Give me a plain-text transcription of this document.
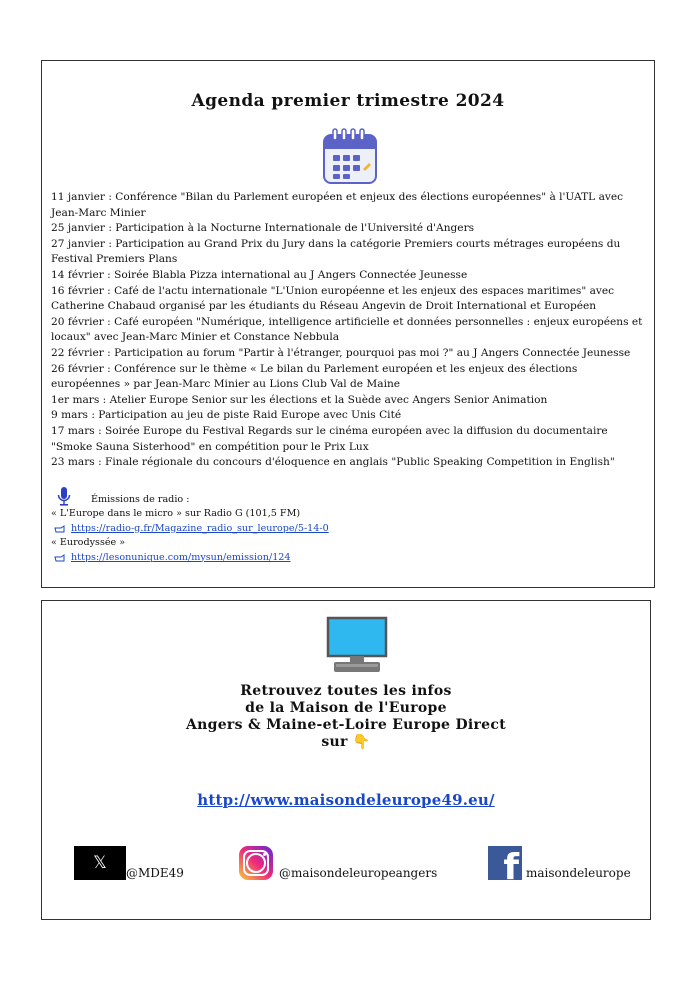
Agenda premier trimestre 2024

11 janvier : Conférence "Bilan du Parlement européen et enjeux des élections européennes" à l'UATL avec Jean-Marc Minier

25 janvier : Participation à la Nocturne Internationale de l'Université d'Angers

27 janvier : Participation au Grand Prix du Jury dans la catégorie Premiers courts métrages européens du Festival Premiers Plans

14 février : Soirée Blabla Pizza international au J Angers Connectée Jeunesse

16 février : Café de l'actu internationale "L'Union européenne et les enjeux des espaces maritimes" avec Catherine Chabaud organisé par les étudiants du Réseau Angevin de Droit International et Européen

20 février : Café européen "Numérique, intelligence artificielle et données personnelles : enjeux européens et locaux" avec Jean-Marc Minier et Constance Nebbula

22 février : Participation au forum "Partir à l'étranger, pourquoi pas moi ?" au J Angers Connectée Jeunesse

26 février : Conférence sur le thème « Le bilan du Parlement européen et les enjeux des élections européennes » par Jean-Marc Minier au Lions Club Val de Maine

1er mars : Atelier Europe Senior sur les élections et la Suède avec Angers Senior Animation

9 mars : Participation au jeu de piste Raid Europe avec Unis Cité

17 mars : Soirée Europe du Festival Regards sur le cinéma européen avec la diffusion du documentaire "Smoke Sauna Sisterhood" en compétition pour le Prix Lux

23 mars : Finale régionale du concours d'éloquence en anglais "Public Speaking Competition in English"

Émissions de radio :
« L'Europe dans le micro » sur Radio G (101,5 FM)
https://radio-g.fr/Magazine_radio_sur_leurope/5-14-0
« Eurodyssée »
https://lesonunique.com/mysun/emission/124
Retrouvez toutes les infos
de la Maison de l'Europe
Angers & Maine-et-Loire Europe Direct
sur 👇
http://www.maisondeleurope49.eu/
𝕏	@MDE49	@maisondeleuropeangers f maisondeleurope
